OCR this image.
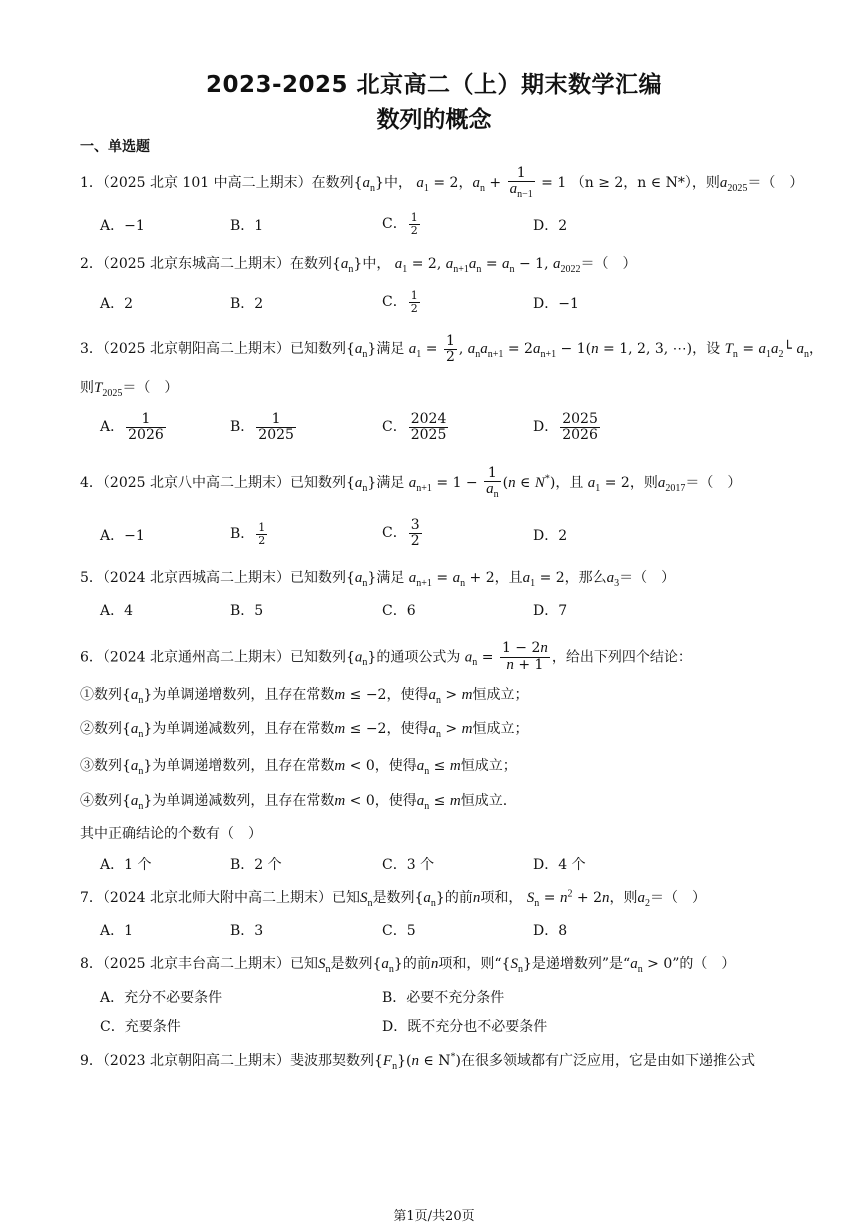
2023-2025 北京高二（上）期末数学汇编
数列的概念
一、单选题
1．（2025 北京 101 中高二上期末）在数列$\{a_n\}$中， $a_1 = 2$，$a_n + \frac{1}{a_{n-1}} = 1$ （n ≥ 2，n ∈ N*），则$a_{2025}=$（　）
A．−1	B．1	C． $\frac{1}{2}$	D．2
2．（2025 北京东城高二上期末）在数列$\{a_n\}$中， $a_1 = 2$, $a_{n+1}a_n = a_n - 1$, $a_{2022}=$（　）
A．2	B．2	C． $\frac{1}{2}$	D．−1
3．（2025 北京朝阳高二上期末）已知数列$\{a_n\}$满足 $a_1 = \frac{1}{2}$ , $a_na_{n+1} = 2a_{n+1} - 1(n = 1$, 2, 3, ⋯)，设 $T_n$ = $a_1a_2└$ $a_n$，
则$T_{2025}=$（　）
A． $\frac{1}{2026}$	B． $\frac{1}{2025}$	C． $\frac{2024}{2025}$	D． $\frac{2025}{2026}$
4．（2025 北京八中高二上期末）已知数列$\{a_n\}$满足 $a_{n+1} = 1 - \frac{1}{a_n} (n$ ∈ N*)，且 $a_1 = 2$，则$a_{2017}=$（　）
A．−1	B． $\frac{1}{2}$	C． $\frac{3}{2}$	D．2
5．（2024 北京西城高二上期末）已知数列$\{a_n\}$满足 $a_{n+1} = a_n + 2$，且$a_1 = 2$，那么$a_3=$（　）
A．4	B．5	C．6	D．7
6．（2024 北京通州高二上期末）已知数列$\{a_n\}$的通项公式为 $a_n = \frac{1 - 2n}{n + 1}$ ，给出下列四个结论：
①数列$\{a_n\}$为单调递增数列，且存在常数m ≤ −2，使得$a_n > m$恒成立；
②数列$\{a_n\}$为单调递减数列，且存在常数m ≤ −2，使得$a_n > m$恒成立；
③数列$\{a_n\}$为单调递增数列，且存在常数m < 0，使得$a_n \le m$恒成立；
④数列$\{a_n\}$为单调递减数列，且存在常数m < 0，使得$a_n \le m$恒成立.
其中正确结论的个数有（　）
A．1 个	B．2 个	C．3 个	D．4 个
7．（2024 北京北师大附中高二上期末）已知$S_n$是数列$\{a_n\}$的前n项和， $S_n = n^2 + 2n$，则$a_2=$（　）
A．1	B．3	C．5	D．8
8．（2025 北京丰台高二上期末）已知$S_n$是数列$\{a_n\}$的前n项和，则“$\{S_n\}$是递增数列”是“$a_n > 0$”的（　）
A．充分不必要条件	B．必要不充分条件
C．充要条件	D．既不充分也不必要条件
9．（2023 北京朝阳高二上期末）斐波那契数列$\{F_n\}(n$ ∈ N*)在很多领域都有广泛应用，它是由如下递推公式
第1页/共20页
